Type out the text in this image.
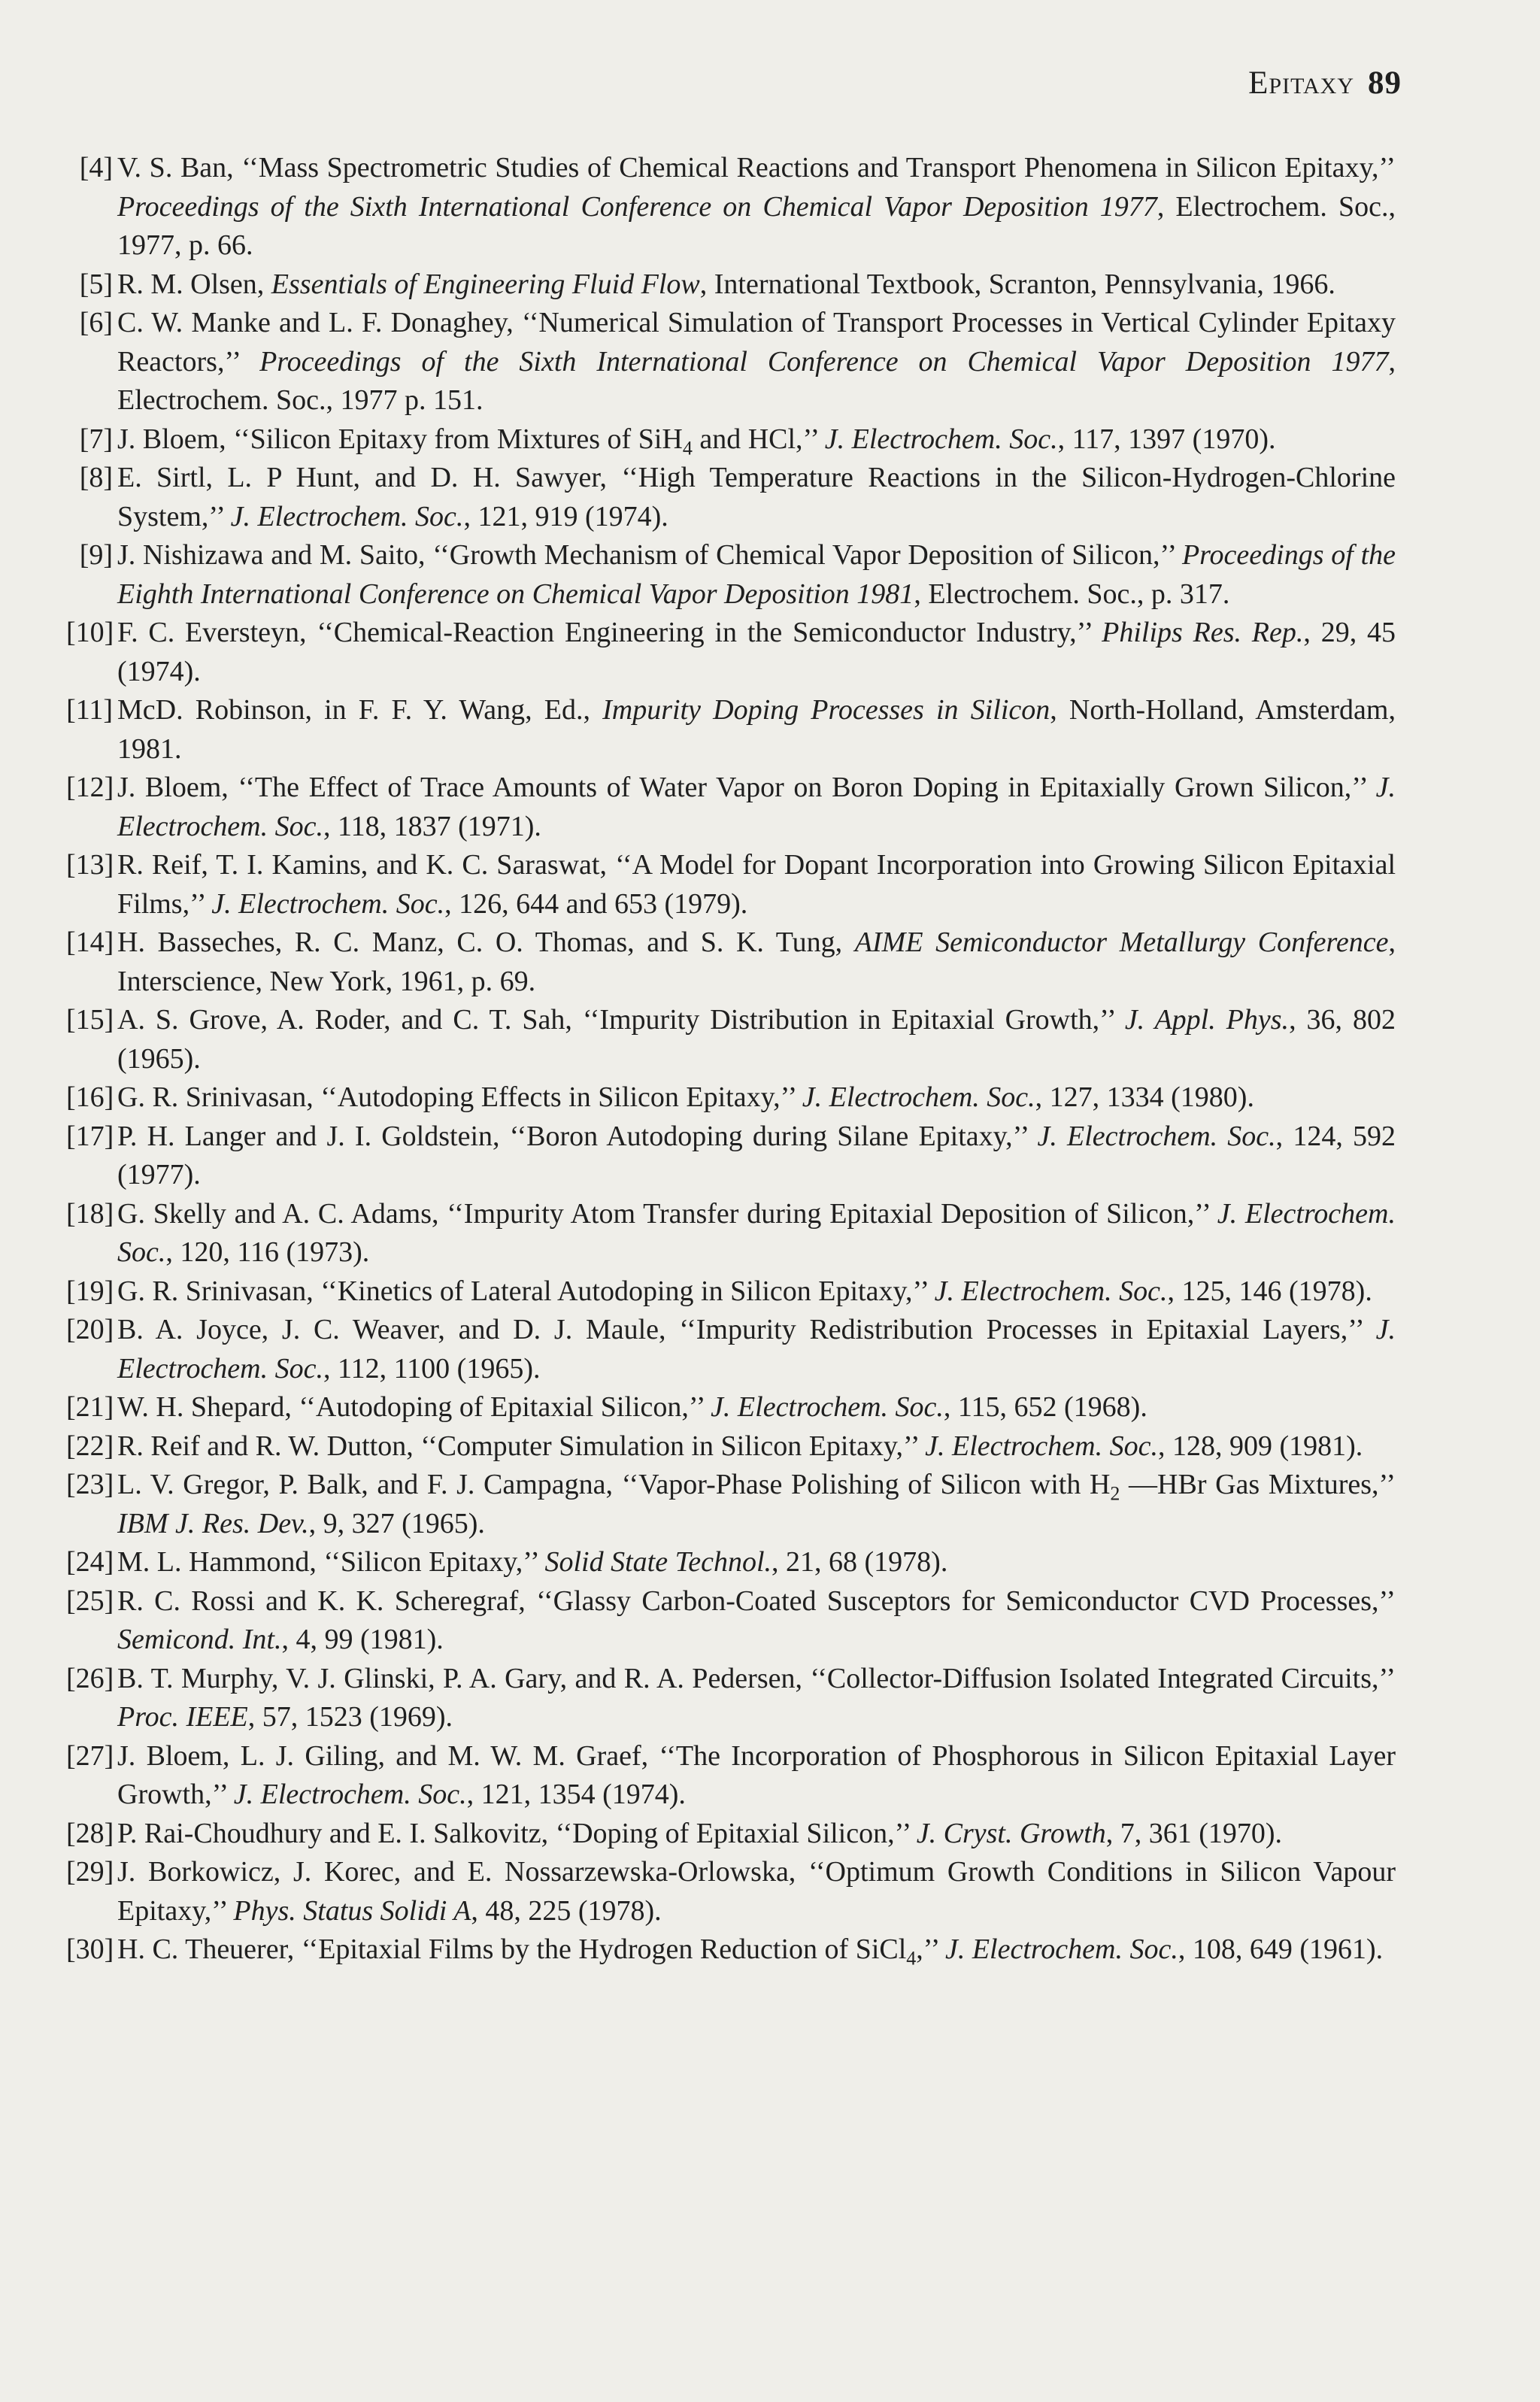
Epitaxy 89
[4] V. S. Ban, ‘‘Mass Spectrometric Studies of Chemical Reactions and Transport Phenomena in Silicon Epitaxy,’’ Proceedings of the Sixth International Conference on Chemical Vapor Deposition 1977, Electrochem. Soc., 1977, p. 66.
[5] R. M. Olsen, Essentials of Engineering Fluid Flow, International Textbook, Scranton, Pennsylvania, 1966.
[6] C. W. Manke and L. F. Donaghey, ‘‘Numerical Simulation of Transport Processes in Vertical Cylinder Epitaxy Reactors,’’ Proceedings of the Sixth International Conference on Chemical Vapor Deposition 1977, Electrochem. Soc., 1977 p. 151.
[7] J. Bloem, ‘‘Silicon Epitaxy from Mixtures of SiH$_4$ and HCl,’’ J. Electrochem. Soc., 117, 1397 (1970).
[8] E. Sirtl, L. P Hunt, and D. H. Sawyer, ‘‘High Temperature Reactions in the Silicon-Hydrogen-Chlorine System,’’ J. Electrochem. Soc., 121, 919 (1974).
[9] J. Nishizawa and M. Saito, ‘‘Growth Mechanism of Chemical Vapor Deposition of Silicon,’’ Proceedings of the Eighth International Conference on Chemical Vapor Deposition 1981, Electrochem. Soc., p. 317.
[10] F. C. Eversteyn, ‘‘Chemical-Reaction Engineering in the Semiconductor Industry,’’ Philips Res. Rep., 29, 45 (1974).
[11] McD. Robinson, in F. F. Y. Wang, Ed., Impurity Doping Processes in Silicon, North-Holland, Amsterdam, 1981.
[12] J. Bloem, ‘‘The Effect of Trace Amounts of Water Vapor on Boron Doping in Epitaxially Grown Silicon,’’ J. Electrochem. Soc., 118, 1837 (1971).
[13] R. Reif, T. I. Kamins, and K. C. Saraswat, ‘‘A Model for Dopant Incorporation into Growing Silicon Epitaxial Films,’’ J. Electrochem. Soc., 126, 644 and 653 (1979).
[14] H. Basseches, R. C. Manz, C. O. Thomas, and S. K. Tung, AIME Semiconductor Metallurgy Conference, Interscience, New York, 1961, p. 69.
[15] A. S. Grove, A. Roder, and C. T. Sah, ‘‘Impurity Distribution in Epitaxial Growth,’’ J. Appl. Phys., 36, 802 (1965).
[16] G. R. Srinivasan, ‘‘Autodoping Effects in Silicon Epitaxy,’’ J. Electrochem. Soc., 127, 1334 (1980).
[17] P. H. Langer and J. I. Goldstein, ‘‘Boron Autodoping during Silane Epitaxy,’’ J. Electrochem. Soc., 124, 592 (1977).
[18] G. Skelly and A. C. Adams, ‘‘Impurity Atom Transfer during Epitaxial Deposition of Silicon,’’ J. Electrochem. Soc., 120, 116 (1973).
[19] G. R. Srinivasan, ‘‘Kinetics of Lateral Autodoping in Silicon Epitaxy,’’ J. Electrochem. Soc., 125, 146 (1978).
[20] B. A. Joyce, J. C. Weaver, and D. J. Maule, ‘‘Impurity Redistribution Processes in Epitaxial Layers,’’ J. Electrochem. Soc., 112, 1100 (1965).
[21] W. H. Shepard, ‘‘Autodoping of Epitaxial Silicon,’’ J. Electrochem. Soc., 115, 652 (1968).
[22] R. Reif and R. W. Dutton, ‘‘Computer Simulation in Silicon Epitaxy,’’ J. Electrochem. Soc., 128, 909 (1981).
[23] L. V. Gregor, P. Balk, and F. J. Campagna, ‘‘Vapor-Phase Polishing of Silicon with $H_2$ —HBr Gas Mixtures,’’ IBM J. Res. Dev., 9, 327 (1965).
[24] M. L. Hammond, ‘‘Silicon Epitaxy,’’ Solid State Technol., 21, 68 (1978).
[25] R. C. Rossi and K. K. Scheregraf, ‘‘Glassy Carbon-Coated Susceptors for Semiconductor CVD Processes,’’ Semicond. Int., 4, 99 (1981).
[26] B. T. Murphy, V. J. Glinski, P. A. Gary, and R. A. Pedersen, ‘‘Collector-Diffusion Isolated Integrated Circuits,’’ Proc. IEEE, 57, 1523 (1969).
[27] J. Bloem, L. J. Giling, and M. W. M. Graef, ‘‘The Incorporation of Phosphorous in Silicon Epitaxial Layer Growth,’’ J. Electrochem. Soc., 121, 1354 (1974).
[28] P. Rai-Choudhury and E. I. Salkovitz, ‘‘Doping of Epitaxial Silicon,’’ J. Cryst. Growth, 7, 361 (1970).
[29] J. Borkowicz, J. Korec, and E. Nossarzewska-Orlowska, ‘‘Optimum Growth Conditions in Silicon Vapour Epitaxy,’’ Phys. Status Solidi A, 48, 225 (1978).
[30] H. C. Theuerer, ‘‘Epitaxial Films by the Hydrogen Reduction of SiCl$_4$,’’ J. Electrochem. Soc., 108, 649 (1961).
